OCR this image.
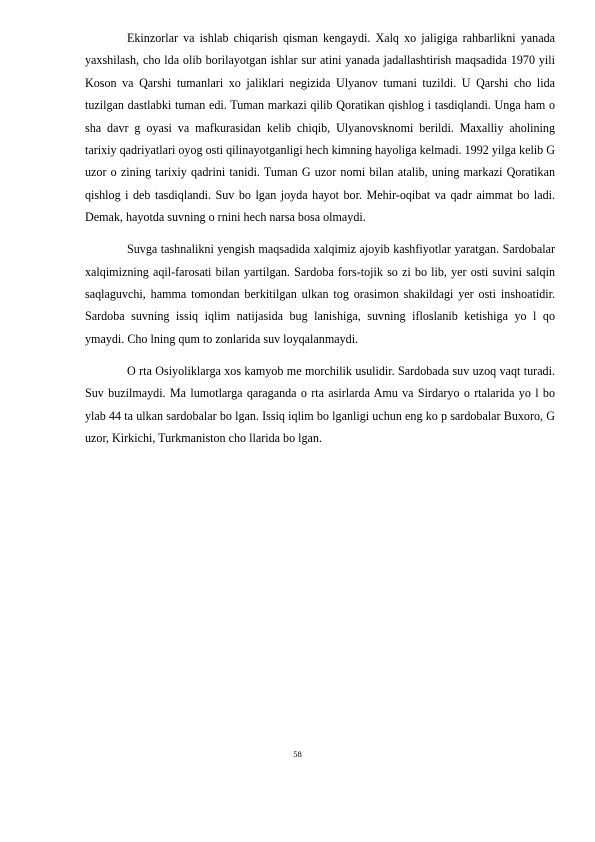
Ekinzorlar va ishlab chiqarish qisman kengaydi. Xalq xo jaligiga rahbarlikni yanada yaxshilash, cho lda olib borilayotgan ishlar sur atini yanada jadallashtirish maqsadida 1970 yili Koson va Qarshi tumanlari xo jaliklari negizida Ulyanov tumani tuzildi. U Qarshi cho lida tuzilgan dastlabki tuman edi. Tuman markazi qilib Qoratikan qishlog i tasdiqlandi. Unga ham o sha davr g oyasi va mafkurasidan kelib chiqib, Ulyanovsknomi berildi. Maxalliy aholining tarixiy qadriyatlari oyog osti qilinayotganligi hech kimning hayoliga kelmadi. 1992 yilga kelib G uzor o zining tarixiy qadrini tanidi. Tuman G uzor nomi bilan atalib, uning markazi Qoratikan qishlog i deb tasdiqlandi. Suv bo lgan joyda hayot bor. Mehir-oqibat va qadr aimmat bo ladi. Demak, hayotda suvning o rnini hech narsa bosa olmaydi.

Suvga tashnalikni yengish maqsadida xalqimiz ajoyib kashfiyotlar yaratgan. Sardobalar xalqimizning aqil-farosati bilan yartilgan. Sardoba fors-tojik so zi bo lib, yer osti suvini salqin saqlaguvchi, hamma tomondan berkitilgan ulkan tog orasimon shakildagi yer osti inshoatidir. Sardoba suvning issiq iqlim natijasida bug lanishiga, suvning ifloslanib ketishiga yo l qo ymaydi. Cho lning qum to zonlarida suv loyqalanmaydi.

O rta Osiyoliklarga xos kamyob me morchilik usulidir. Sardobada suv uzoq vaqt turadi. Suv buzilmaydi. Ma lumotlarga qaraganda o rta asirlarda Amu va Sirdaryo o rtalarida yo l bo ylab 44 ta ulkan sardobalar bo lgan. Issiq iqlim bo lganligi uchun eng ko p sardobalar Buxoro, G uzor, Kirkichi, Turkmaniston cho llarida bo lgan.

58
